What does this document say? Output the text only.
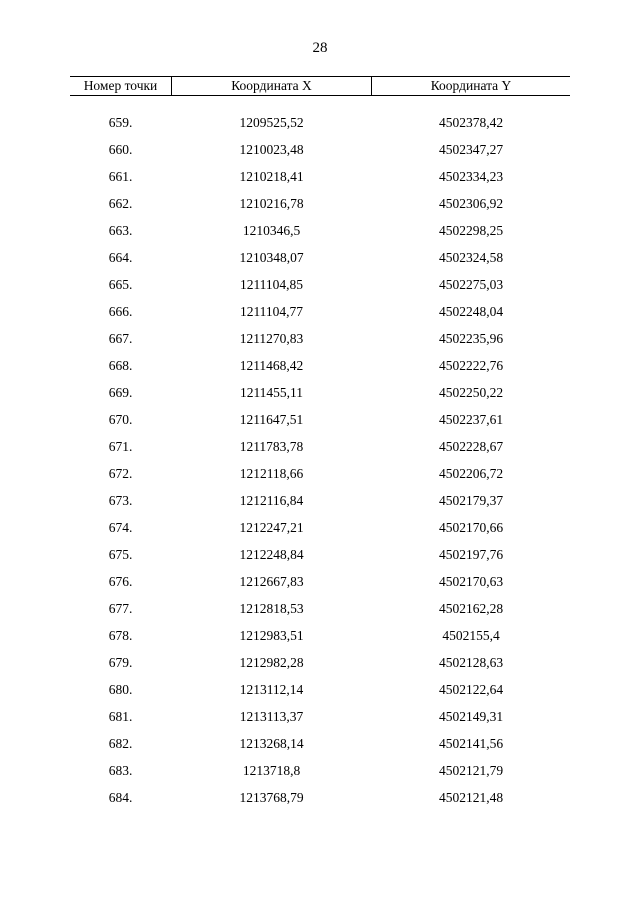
28
Номер точки	Координата X	Координата Y
659.	1209525,52	4502378,42
660.	1210023,48	4502347,27
661.	1210218,41	4502334,23
662.	1210216,78	4502306,92
663.	1210346,5	4502298,25
664.	1210348,07	4502324,58
665.	1211104,85	4502275,03
666.	1211104,77	4502248,04
667.	1211270,83	4502235,96
668.	1211468,42	4502222,76
669.	1211455,11	4502250,22
670.	1211647,51	4502237,61
671.	1211783,78	4502228,67
672.	1212118,66	4502206,72
673.	1212116,84	4502179,37
674.	1212247,21	4502170,66
675.	1212248,84	4502197,76
676.	1212667,83	4502170,63
677.	1212818,53	4502162,28
678.	1212983,51	4502155,4
679.	1212982,28	4502128,63
680.	1213112,14	4502122,64
681.	1213113,37	4502149,31
682.	1213268,14	4502141,56
683.	1213718,8	4502121,79
684.	1213768,79	4502121,48
